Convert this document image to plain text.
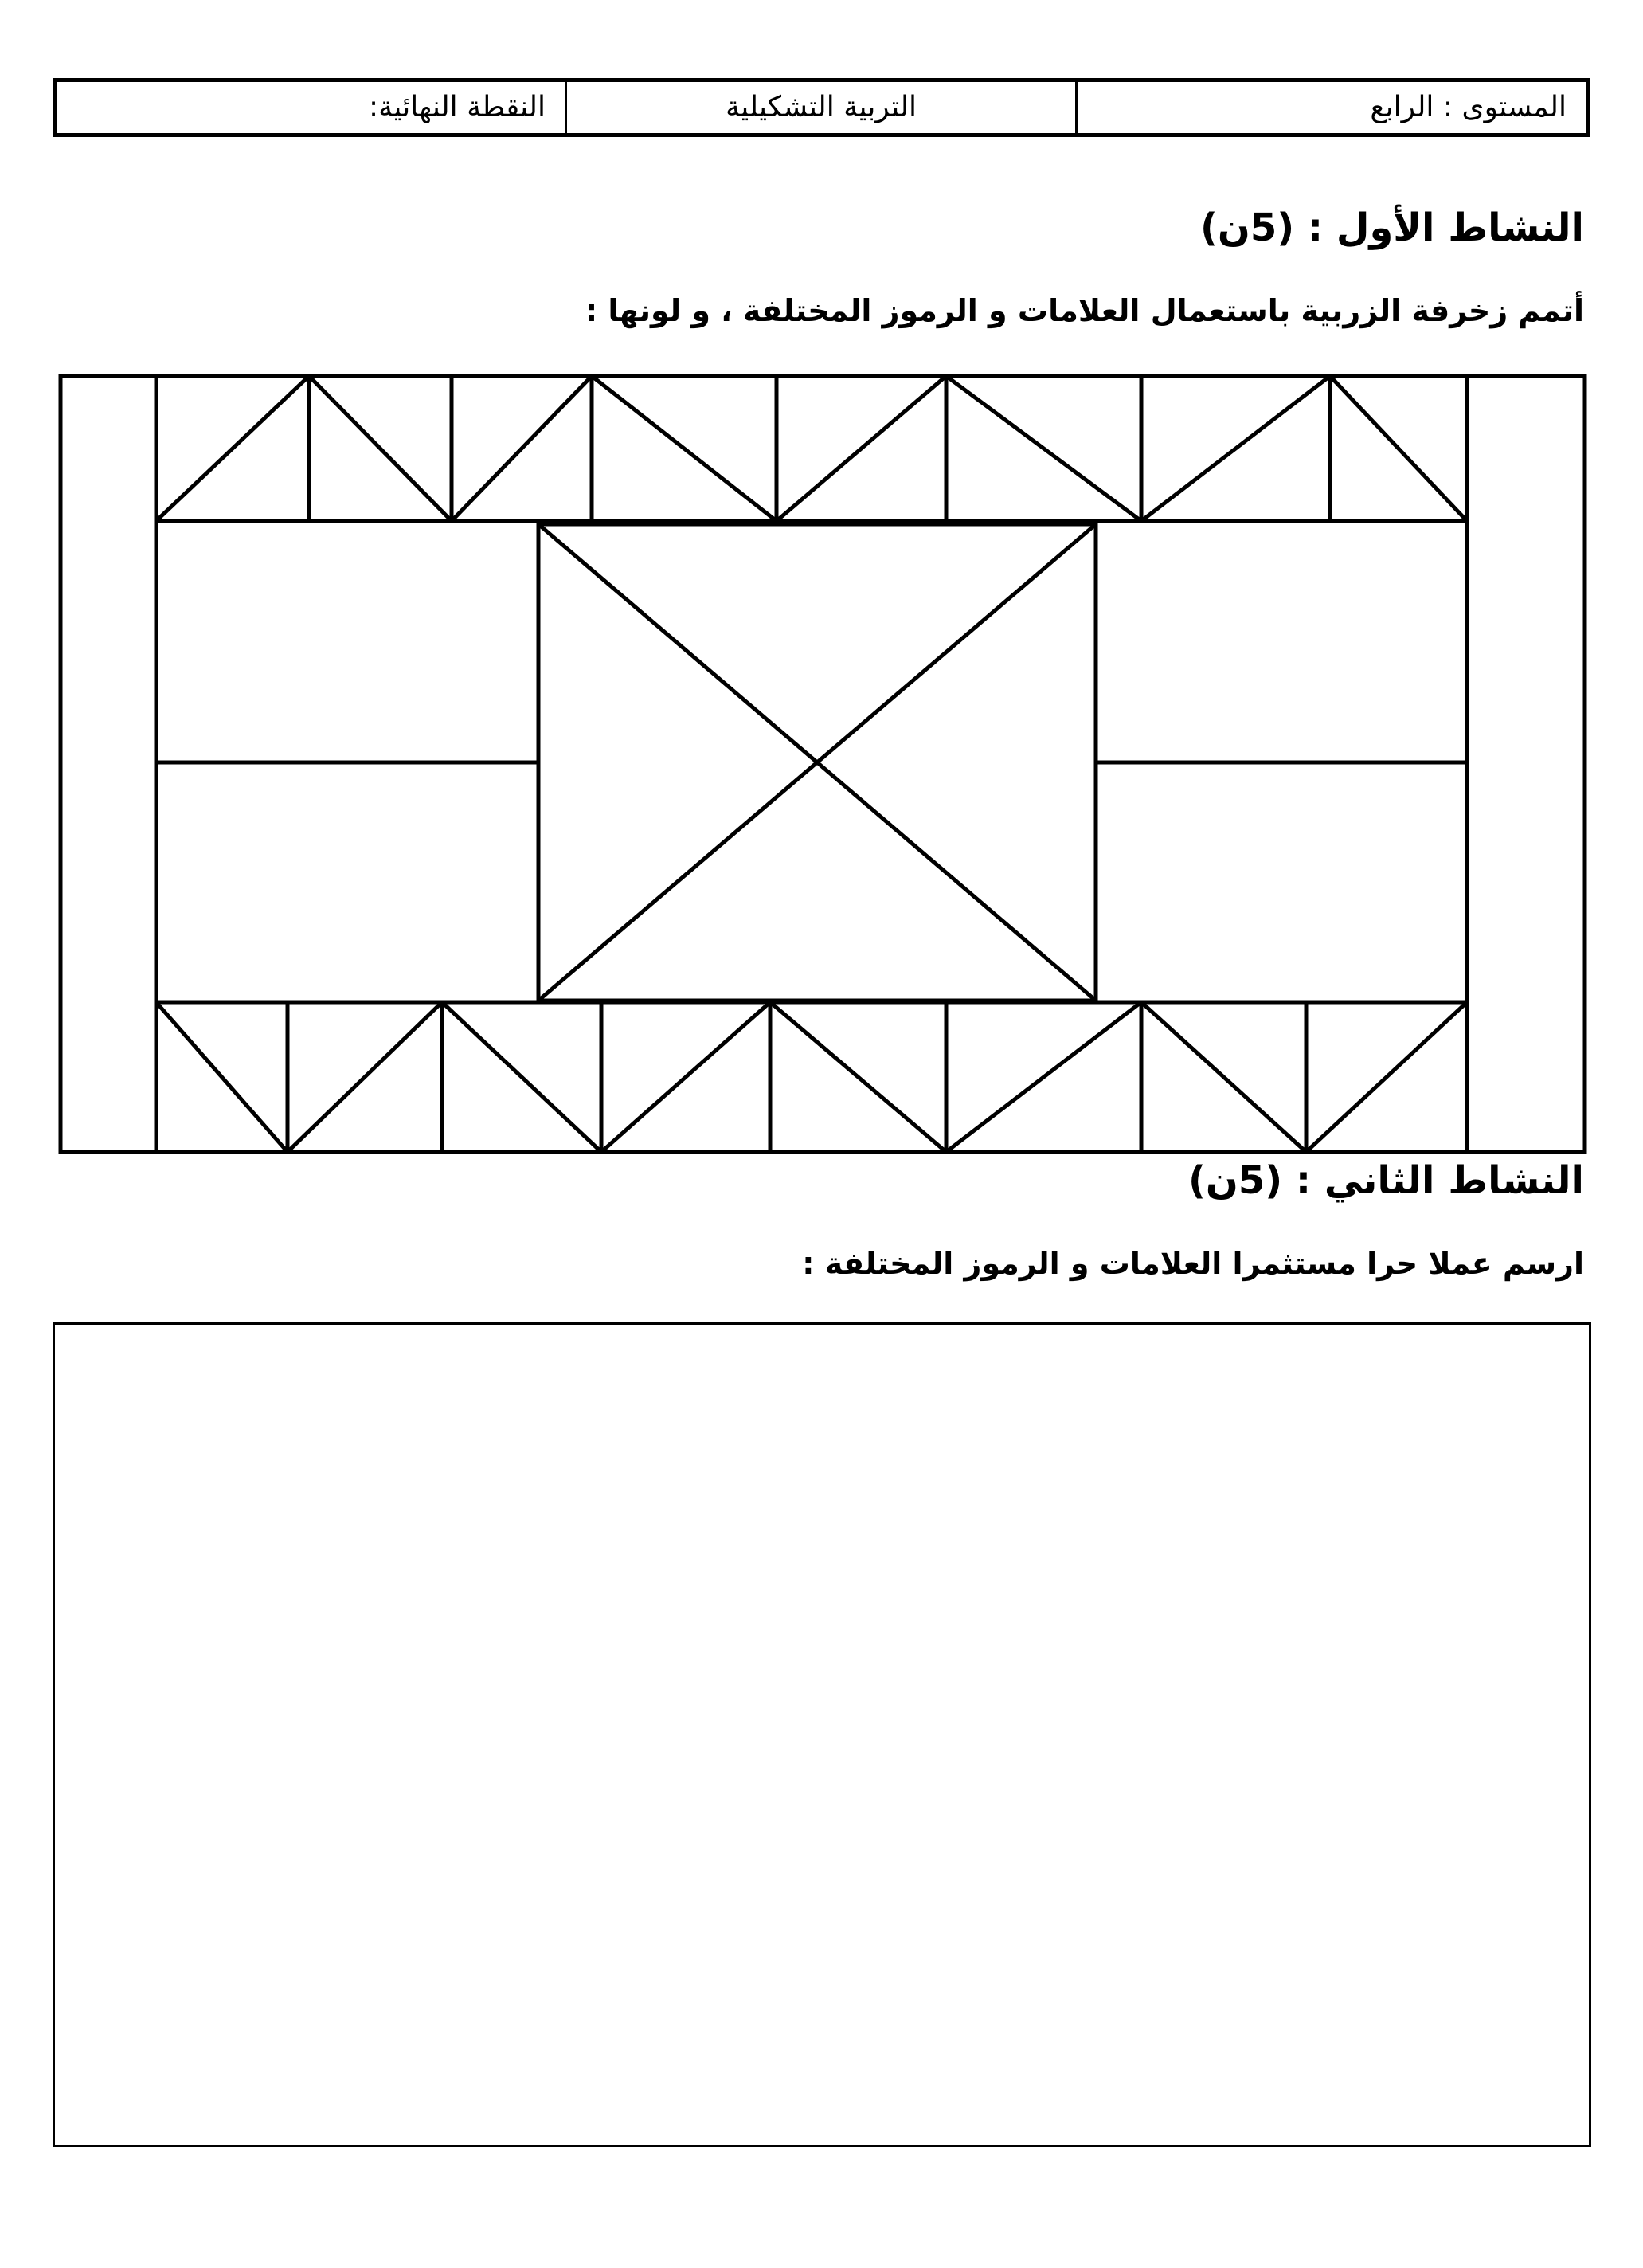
المستوى : الرابع
التربية التشكيلية
النقطة النهائية:
النشاط الأول : (5ن)
أتمم زخرفة الزربية باستعمال العلامات و الرموز المختلفة ، و لونها :
النشاط الثاني : (5ن)
ارسم عملا حرا مستثمرا العلامات و الرموز المختلفة :
